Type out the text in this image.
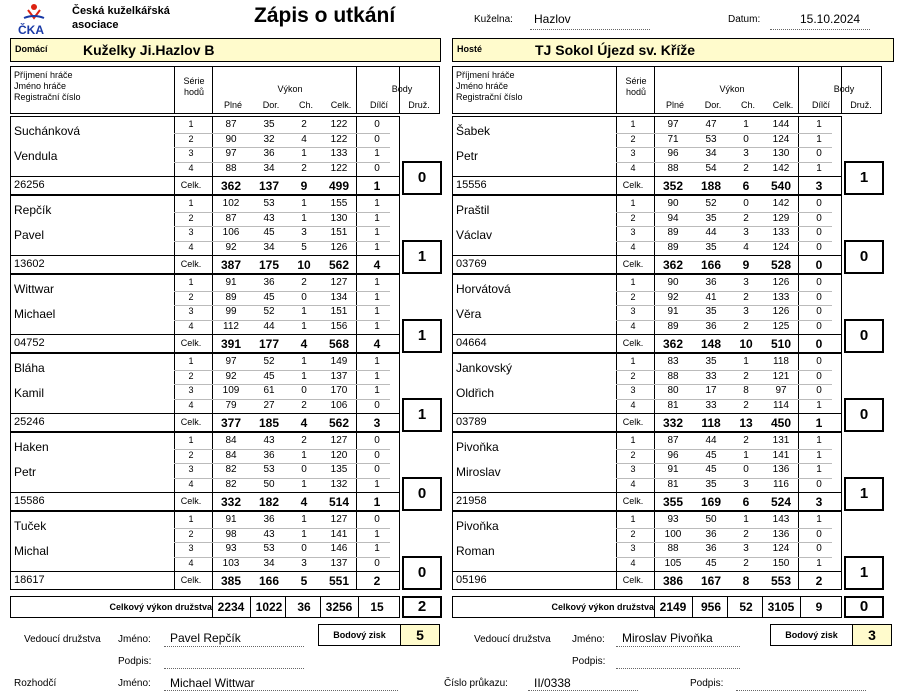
ČKA
Česká kuželkářská
asociace	Zápis o utkání	Kuželna: Hazlov	Datum:	15.10.2024
Domácí	Kuželky Ji.Hazlov B	Hosté	TJ Sokol Újezd sv. Kříže
Příjmení hráče
Jméno hráče
Registrační číslo
Série
hodů	Výkon	Body
Plné	Dor.	Ch.	Celk.	Dílčí	Druž.
Suchánková
Vendula
26256
1	87	35	2	122	0
2	90	32	4	122	0
3	97	36	1	133	1
4	88	34	2	122	0
Celk.	362	137	9	499	1	0
Repčík
Pavel
13602
1	102	53	1	155	1
2	87	43	1	130	1
3	106	45	3	151	1
4	92	34	5	126	1
Celk.	387	175	10	562	4	1
Wittwar
Michael
04752
1	91	36	2	127	1
2	89	45	0	134	1
3	99	52	1	151	1
4	112	44	1	156	1
Celk.	391	177	4	568	4	1
Bláha
Kamil
25246
1	97	52	1	149	1
2	92	45	1	137	1
3	109	61	0	170	1
4	79	27	2	106	0
Celk.	377	185	4	562	3	1
Haken
Petr
15586
1	84	43	2	127	0
2	84	36	1	120	0
3	82	53	0	135	0
4	82	50	1	132	1
Celk.	332	182	4	514	1	0
Tuček
Michal
18617
1	91	36	1	127	0
2	98	43	1	141	1
3	93	53	0	146	1
4	103	34	3	137	0
Celk.	385	166	5	551	2	0
Celkový výkon družstva 2234 1022	36	3256	15	2
Příjmení hráče
Jméno hráče
Registrační číslo
Série
hodů	Výkon	Body
Plné	Dor.	Ch.	Celk.	Dílčí	Druž.
Šabek
Petr
15556
1	97	47	1	144	1
2	71	53	0	124	1
3	96	34	3	130	0
4	88	54	2	142	1
Celk.	352	188	6	540	3	1
Praštil
Václav
03769
1	90	52	0	142	0
2	94	35	2	129	0
3	89	44	3	133	0
4	89	35	4	124	0
Celk.	362	166	9	528	0	0
Horvátová
Věra
04664
1	90	36	3	126	0
2	92	41	2	133	0
3	91	35	3	126	0
4	89	36	2	125	0
Celk.	362	148	10	510	0	0
Jankovský
Oldřich
03789
1	83	35	1	118	0
2	88	33	2	121	0
3	80	17	8	97	0
4	81	33	2	114	1
Celk.	332	118	13	450	1	0
Pivoňka
Miroslav
21958
1	87	44	2	131	1
2	96	45	1	141	1
3	91	45	0	136	1
4	81	35	3	116	0
Celk.	355	169	6	524	3	1
Pivoňka
Roman
05196
1	93	50	1	143	1
2	100	36	2	136	0
3	88	36	3	124	0
4	105	45	2	150	1
Celk.	386	167	8	553	2	1
Celkový výkon družstva 2149	956	52	3105	9	0
Vedoucí družstva Jméno: Pavel Repčík
Podpis:
Bodový zisk	5	Vedoucí družstva Jméno: Miroslav Pivoňka
Podpis:
Bodový zisk	3
Rozhodčí	Jméno: Michael Wittwar	Číslo průkazu: II/0338	Podpis:
